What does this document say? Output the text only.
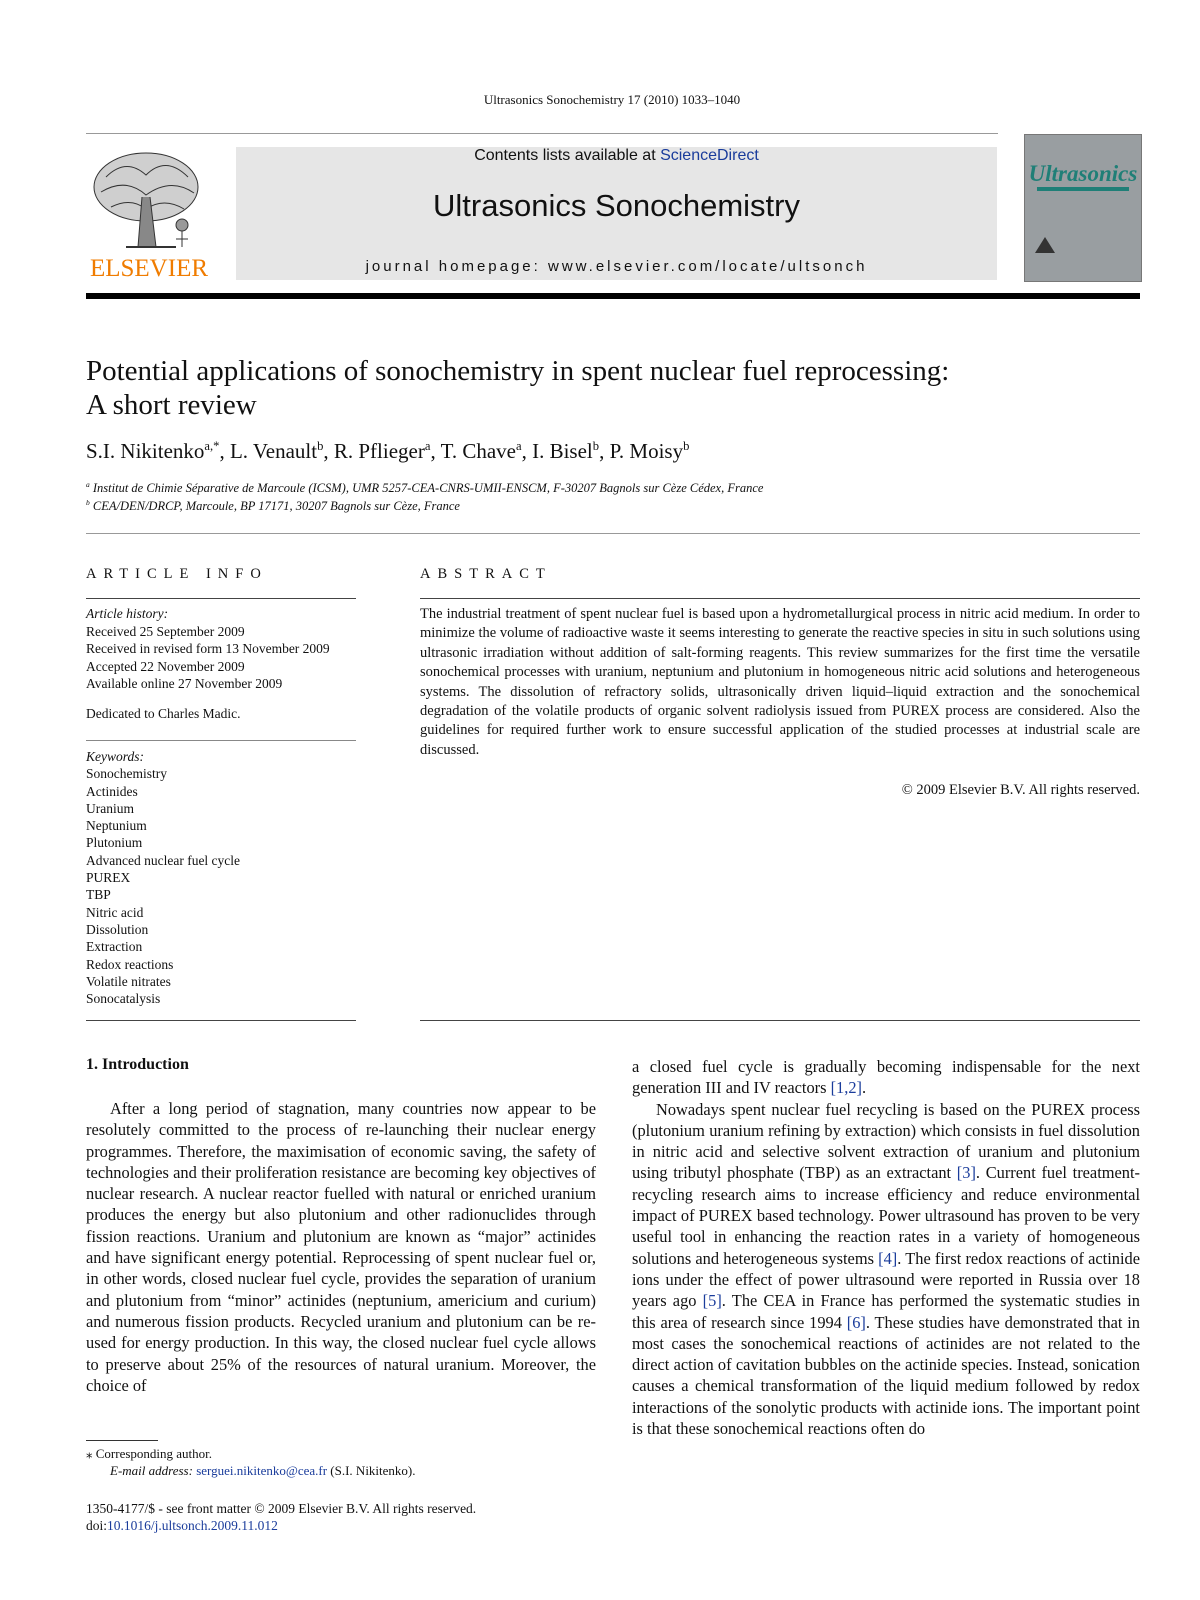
Ultrasonics Sonochemistry 17 (2010) 1033–1040
ELSEVIER
Contents lists available at ScienceDirect
Ultrasonics Sonochemistry
journal homepage: www.elsevier.com/locate/ultsonch
Ultrasonics
Potential applications of sonochemistry in spent nuclear fuel reprocessing:
A short review
S.I. Nikitenko$^{a,*}$, L. Venault$^b$, R. Pflieger$^a$, T. Chave$^a$, I. Bisel$^b$, P. Moisy$^b$
$^a$ Institut de Chimie Séparative de Marcoule (ICSM), UMR 5257-CEA-CNRS-UMII-ENSCM, F-30207 Bagnols sur Cèze Cédex, France
$^b$ CEA/DEN/DRCP, Marcoule, BP 17171, 30207 Bagnols sur Cèze, France
ARTICLE INFO
Article history:
Received 25 September 2009
Received in revised form 13 November 2009
Accepted 22 November 2009
Available online 27 November 2009
Dedicated to Charles Madic.
Keywords:
Sonochemistry
Actinides
Uranium
Neptunium
Plutonium
Advanced nuclear fuel cycle
PUREX
TBP
Nitric acid
Dissolution
Extraction
Redox reactions
Volatile nitrates
Sonocatalysis
ABSTRACT
The industrial treatment of spent nuclear fuel is based upon a hydrometallurgical process in nitric acid medium. In order to minimize the volume of radioactive waste it seems interesting to generate the reactive species in situ in such solutions using ultrasonic irradiation without addition of salt-forming reagents. This review summarizes for the first time the versatile sonochemical processes with uranium, neptunium and plutonium in homogeneous nitric acid solutions and heterogeneous systems. The dissolution of refractory solids, ultrasonically driven liquid–liquid extraction and the sonochemical degradation of the volatile products of organic solvent radiolysis issued from PUREX process are considered. Also the guidelines for required further work to ensure successful application of the studied processes at industrial scale are discussed.
© 2009 Elsevier B.V. All rights reserved.
1. Introduction
After a long period of stagnation, many countries now appear to be resolutely committed to the process of re-launching their nuclear energy programmes. Therefore, the maximisation of economic saving, the safety of technologies and their proliferation resistance are becoming key objectives of nuclear research. A nuclear reactor fuelled with natural or enriched uranium produces the energy but also plutonium and other radionuclides through fission reactions. Uranium and plutonium are known as “major” actinides and have significant energy potential. Reprocessing of spent nuclear fuel or, in other words, closed nuclear fuel cycle, provides the separation of uranium and plutonium from “minor” actinides (neptunium, americium and curium) and numerous fission products. Recycled uranium and plutonium can be re-used for energy production. In this way, the closed nuclear fuel cycle allows to preserve about 25% of the resources of natural uranium. Moreover, the choice of

a closed fuel cycle is gradually becoming indispensable for the next generation III and IV reactors [1,2].

Nowadays spent nuclear fuel recycling is based on the PUREX process (plutonium uranium refining by extraction) which consists in fuel dissolution in nitric acid and selective solvent extraction of uranium and plutonium using tributyl phosphate (TBP) as an extractant [3]. Current fuel treatment-recycling research aims to increase efficiency and reduce environmental impact of PUREX based technology. Power ultrasound has proven to be very useful tool in enhancing the reaction rates in a variety of homogeneous solutions and heterogeneous systems [4]. The first redox reactions of actinide ions under the effect of power ultrasound were reported in Russia over 18 years ago [5]. The CEA in France has performed the systematic studies in this area of research since 1994 [6]. These studies have demonstrated that in most cases the sonochemical reactions of actinides are not related to the direct action of cavitation bubbles on the actinide species. Instead, sonication causes a chemical transformation of the liquid medium followed by redox interactions of the sonolytic products with actinide ions. The important point is that these sonochemical reactions often do

⁎ Corresponding author.
E-mail address: serguei.nikitenko@cea.fr (S.I. Nikitenko).
1350-4177/$ - see front matter © 2009 Elsevier B.V. All rights reserved.
doi:10.1016/j.ultsonch.2009.11.012
